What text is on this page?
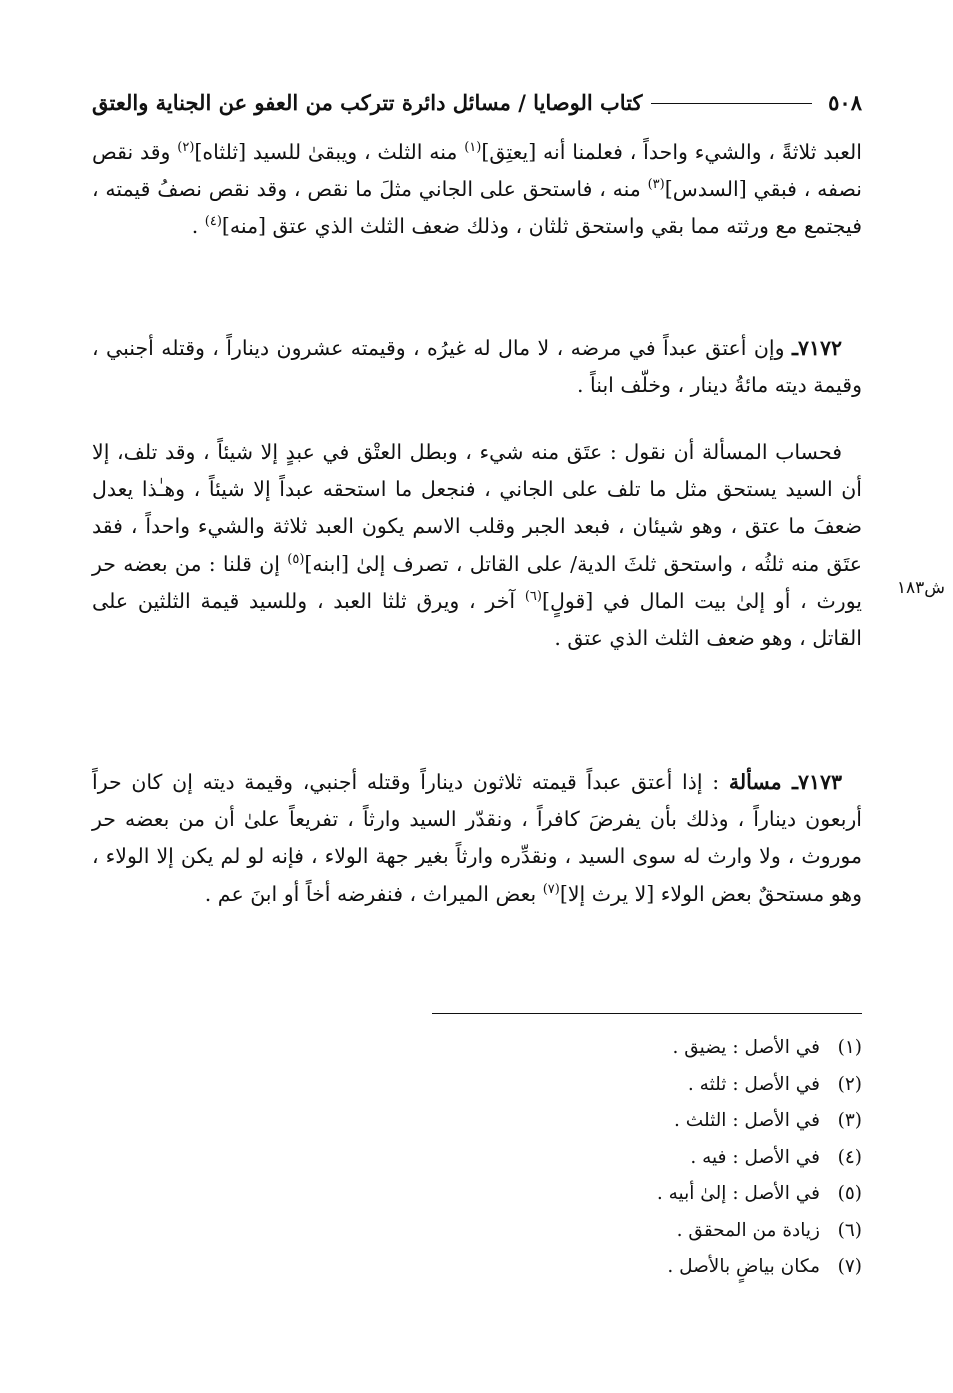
٥٠٨
كتاب الوصايا / مسائل دائرة تتركب من العفو عن الجناية والعتق

العبد ثلاثةً ، والشيء واحداً ، فعلمنا أنه [يعتِق]$^{(١)}$ منه الثلث ، ويبقىٰ للسيد [ثلثاه]$^{(٢)}$ وقد نقص نصفه ، فبقي [السدس]$^{(٣)}$ منه ، فاستحق على الجاني مثلَ ما نقص ، وقد نقص نصفُ قيمته ، فيجتمع مع ورثته مما بقي واستحق ثلثان ، وذلك ضعف الثلث الذي عتق [منه]$^{(٤)}$ .

٧١٧٢ـ وإن أعتق عبداً في مرضه ، لا مال له غيرُه ، وقيمته عشرون ديناراً ، وقتله أجنبي ، وقيمة ديته مائةُ دينار ، وخلّف ابناً .

فحساب المسألة أن نقول : عتَق منه شيء ، وبطل العتْق في عبدٍ إلا شيئاً ، وقد تلف، إلا أن السيد يستحق مثل ما تلف على الجاني ، فنجعل ما استحقه عبداً إلا شيئاً ، وهـٰذا يعدل ضعفَ ما عتق ، وهو شيئان ، فبعد الجبر وقلب الاسم يكون العبد ثلاثة والشيء واحداً ، فقد عتَق منه ثلثُه ، واستحق ثلثَ الدية/ على القاتل ، تصرف إلىٰ [ابنه]$^{(٥)}$ إن قلنا : من بعضه حر يورث ، أو إلىٰ بيت المال في [قولٍ]$^{(٦)}$ آخر ، ويرق ثلثا العبد ، وللسيد قيمة الثلثين على القاتل ، وهو ضعف الثلث الذي عتق .

ش١٨٣

٧١٧٣ـ مسألة : إذا أعتق عبداً قيمته ثلاثون ديناراً وقتله أجنبي، وقيمة ديته إن كان حراً أربعون ديناراً ، وذلك بأن يفرضَ كافراً ، ونقدّر السيد وارثاً ، تفريعاً علىٰ أن من بعضه حر موروث ، ولا وارث له سوى السيد ، ونقدِّره وارثاً بغير جهة الولاء ، فإنه لو لم يكن إلا الولاء ، وهو مستحقٌ بعض الولاء [لا يرث إلا]$^{(٧)}$ بعض الميراث ، فنفرضه أخاً أو ابنَ عم .

(١)
في الأصل : يضيق .
(٢)
في الأصل : ثلثه .
(٣)
في الأصل : الثلث .
(٤)
في الأصل : فيه .
(٥)
في الأصل : إلىٰ أبيه .
(٦)
زيادة من المحقق .
(٧)
مكان بياضٍ بالأصل .
